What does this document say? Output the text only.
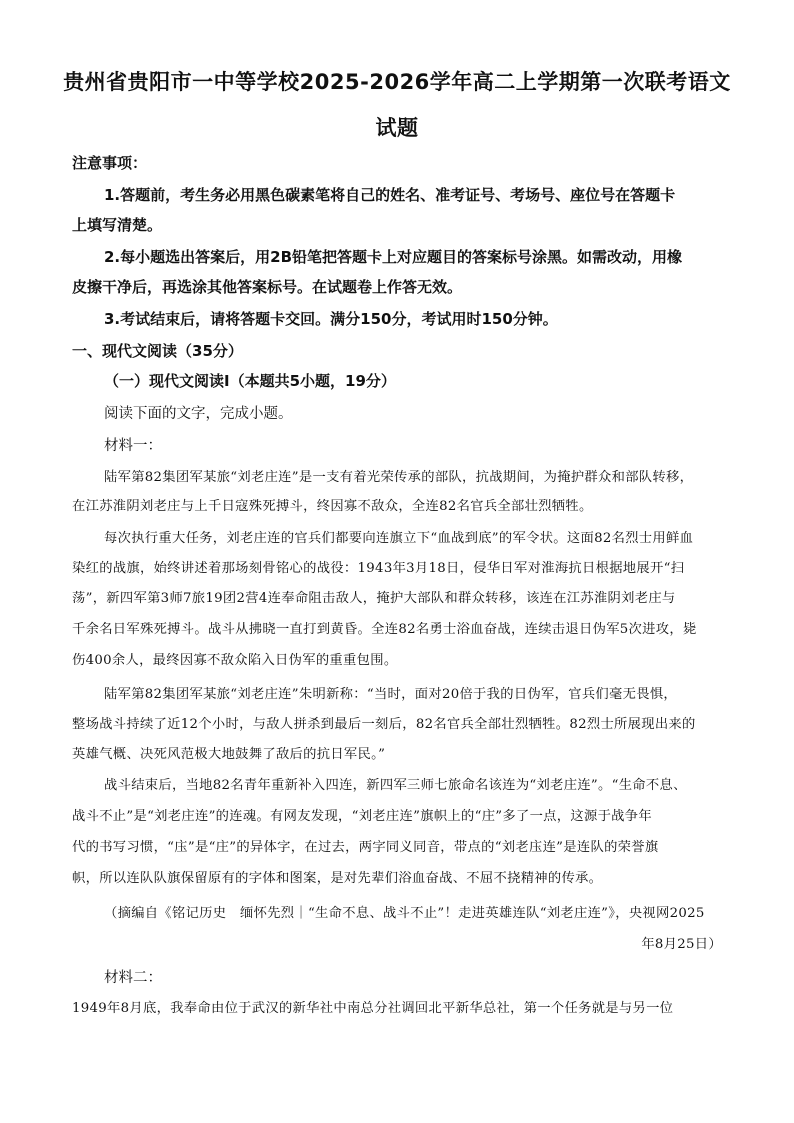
贵州省贵阳市一中等学校2025-2026学年高二上学期第一次联考语文
试题
注意事项：
1.答题前，考生务必用黑色碳素笔将自己的姓名、准考证号、考场号、座位号在答题卡
上填写清楚。
2.每小题选出答案后，用2B铅笔把答题卡上对应题目的答案标号涂黑。如需改动，用橡
皮擦干净后，再选涂其他答案标号。在试题卷上作答无效。
3.考试结束后，请将答题卡交回。满分150分，考试用时150分钟。
一、现代文阅读（35分）
（一）现代文阅读Ⅰ（本题共5小题，19分）
阅读下面的文字，完成小题。
材料一：
陆军第82集团军某旅“刘老庄连”是一支有着光荣传承的部队，抗战期间，为掩护群众和部队转移，
在江苏淮阴刘老庄与上千日寇殊死搏斗，终因寡不敌众，全连82名官兵全部壮烈牺牲。
每次执行重大任务，刘老庄连的官兵们都要向连旗立下“血战到底”的军令状。这面82名烈士用鲜血
染红的战旗，始终讲述着那场刻骨铭心的战役：1943年3月18日，侵华日军对淮海抗日根据地展开“扫
荡”，新四军第3师7旅19团2营4连奉命阻击敌人，掩护大部队和群众转移，该连在江苏淮阴刘老庄与
千余名日军殊死搏斗。战斗从拂晓一直打到黄昏。全连82名勇士浴血奋战，连续击退日伪军5次进攻，毙
伤400余人，最终因寡不敌众陷入日伪军的重重包围。
陆军第82集团军某旅“刘老庄连”朱明新称：“当时，面对20倍于我的日伪军，官兵们毫无畏惧，
整场战斗持续了近12个小时，与敌人拼杀到最后一刻后，82名官兵全部壮烈牺牲。82烈士所展现出来的
英雄气概、决死风范极大地鼓舞了敌后的抗日军民。”
战斗结束后，当地82名青年重新补入四连，新四军三师七旅命名该连为“刘老庄连”。“生命不息、
战斗不止”是“刘老庄连”的连魂。有网友发现，“刘老庄连”旗帜上的“庄”多了一点，这源于战争年
代的书写习惯，“庒”是“庄”的异体字，在过去，两字同义同音，带点的“刘老庒连”是连队的荣誉旗
帜，所以连队队旗保留原有的字体和图案，是对先辈们浴血奋战、不屈不挠精神的传承。
（摘编自《铭记历史　缅怀先烈｜“生命不息、战斗不止”！走进英雄连队“刘老庄连”》，央视网2025
年8月25日）
材料二：
1949年8月底，我奉命由位于武汉的新华社中南总分社调回北平新华总社，第一个任务就是与另一位
